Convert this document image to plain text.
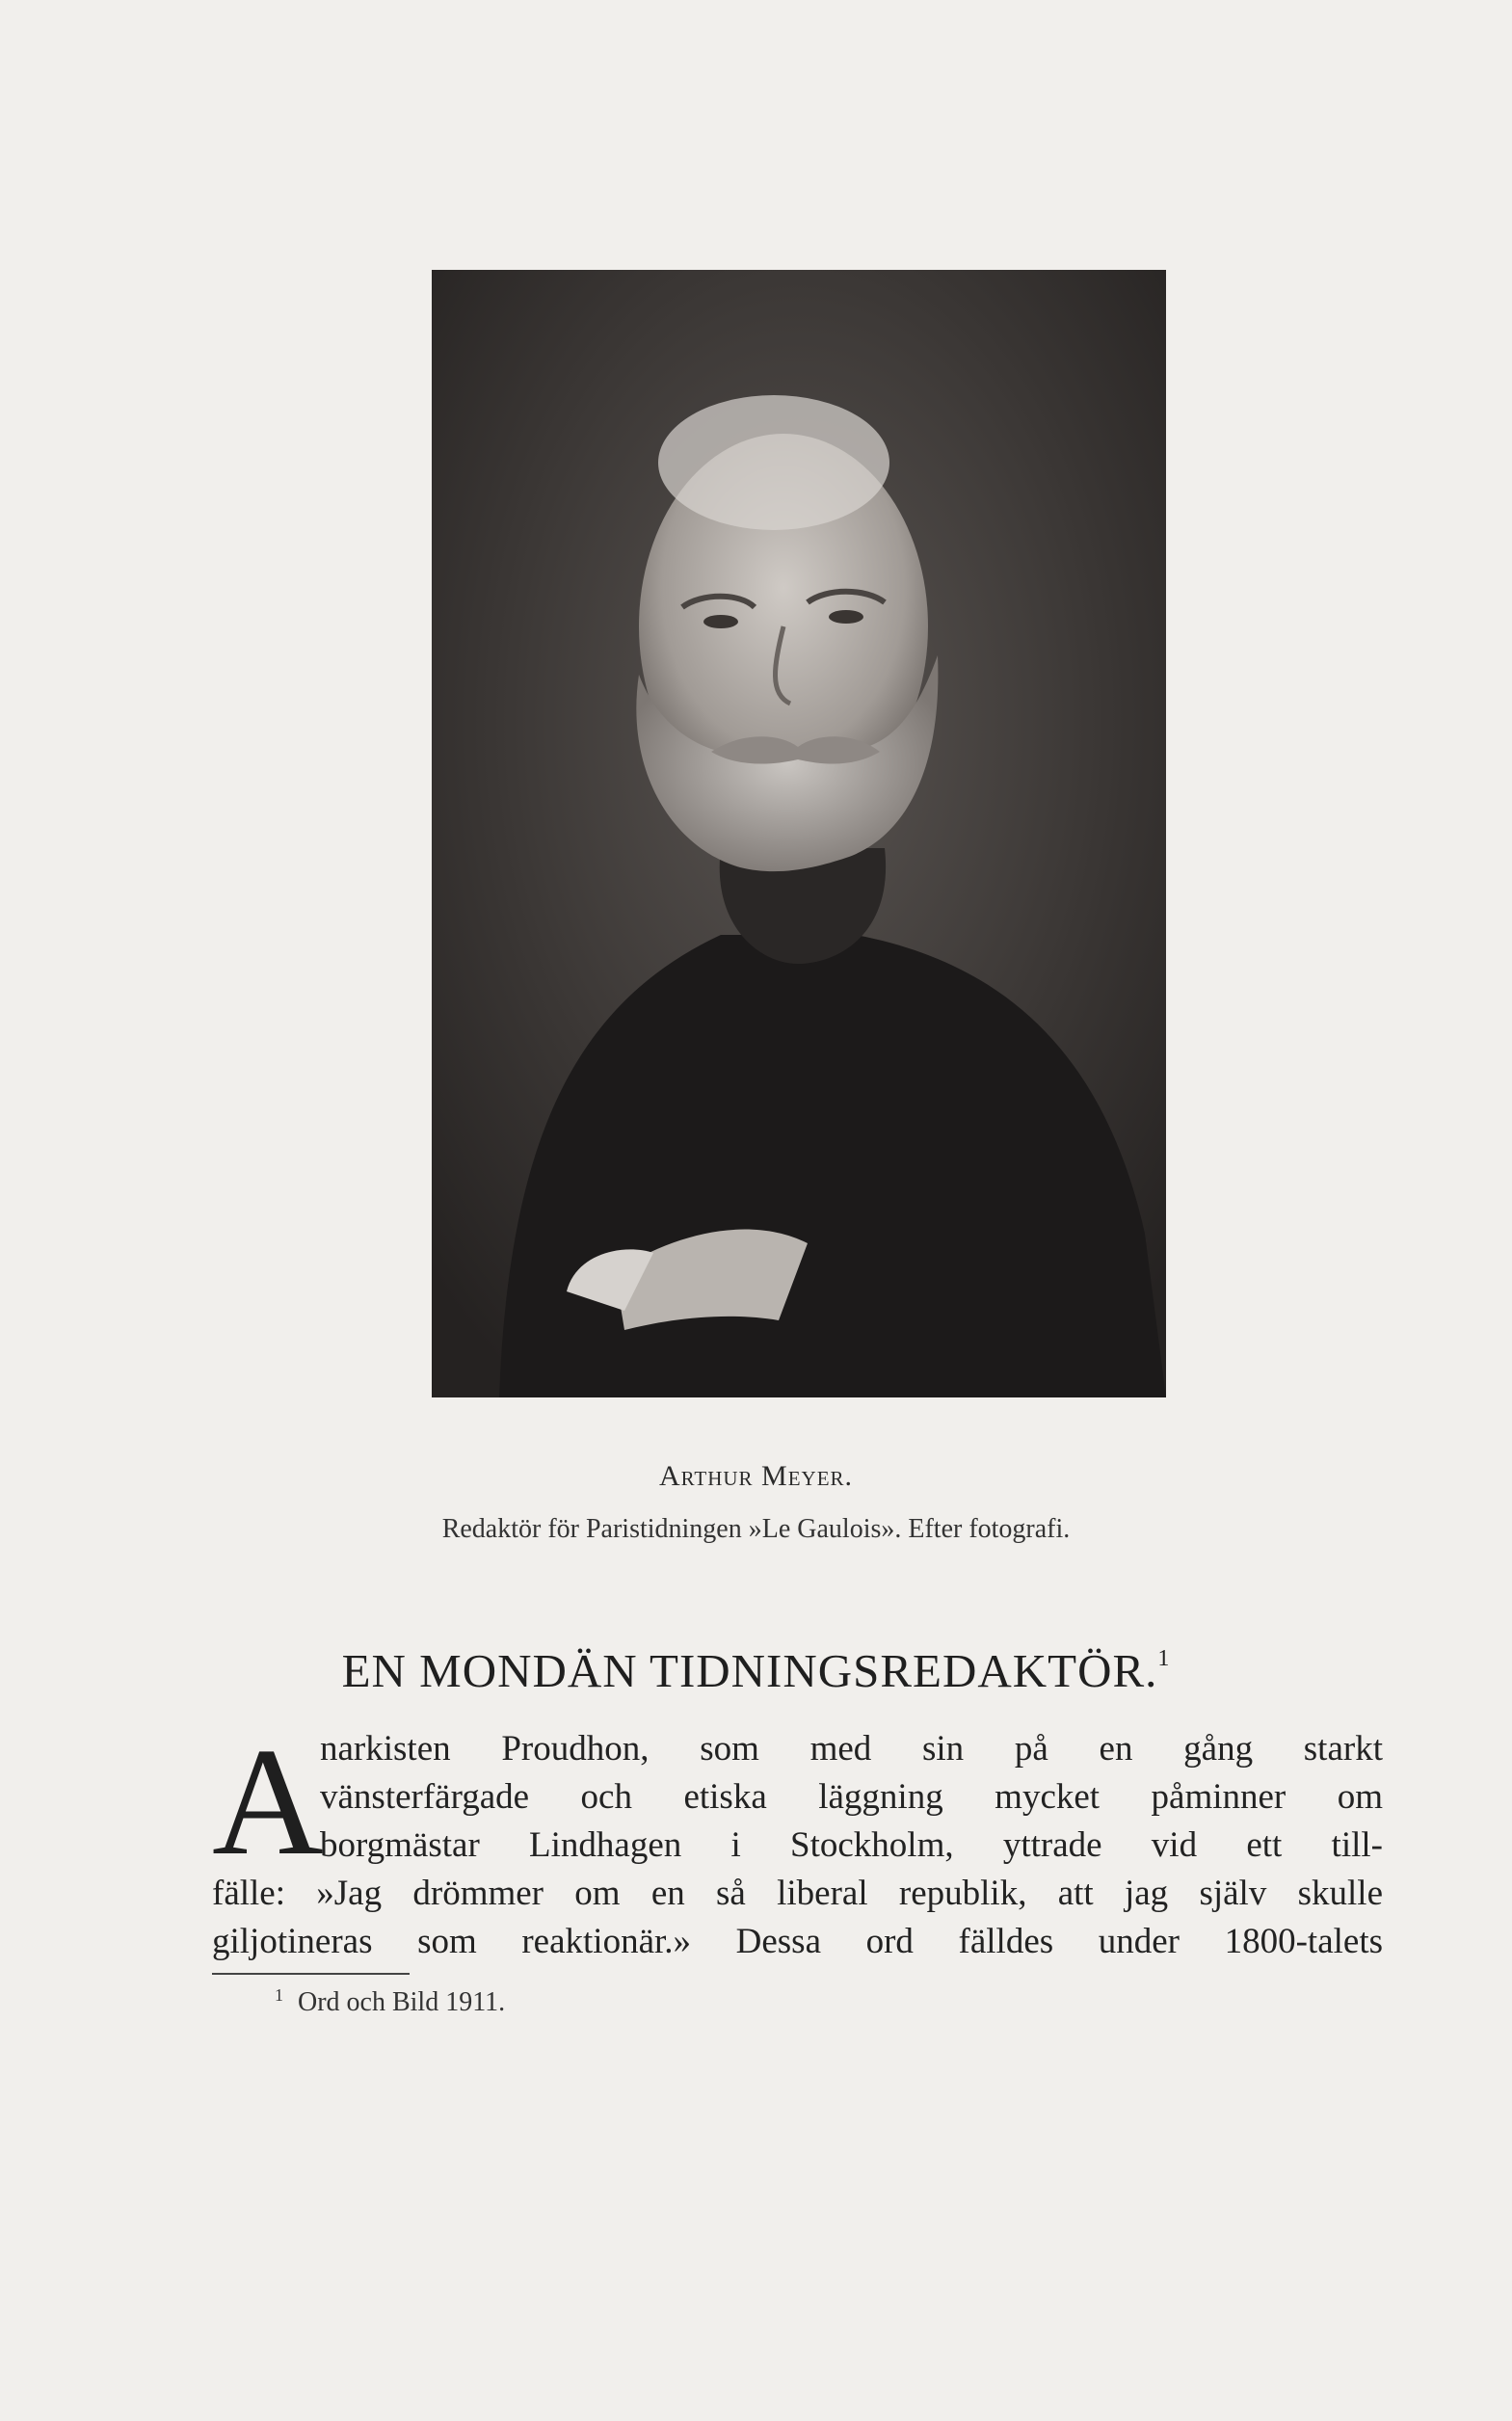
Arthur Meyer.
Redaktör för Paristidningen »Le Gaulois». Efter fotografi.
EN MONDÄN TIDNINGSREDAKTÖR.$^1$
A
narkisten Proudhon, som med sin på en gång starkt
vänsterfärgade och etiska läggning mycket påminner om
borgmästar Lindhagen i Stockholm, yttrade vid ett till-
fälle: »Jag drömmer om en så liberal republik, att jag själv skulle
giljotineras som reaktionär.» Dessa ord fälldes under 1800-talets
$^1$ Ord och Bild 1911.
